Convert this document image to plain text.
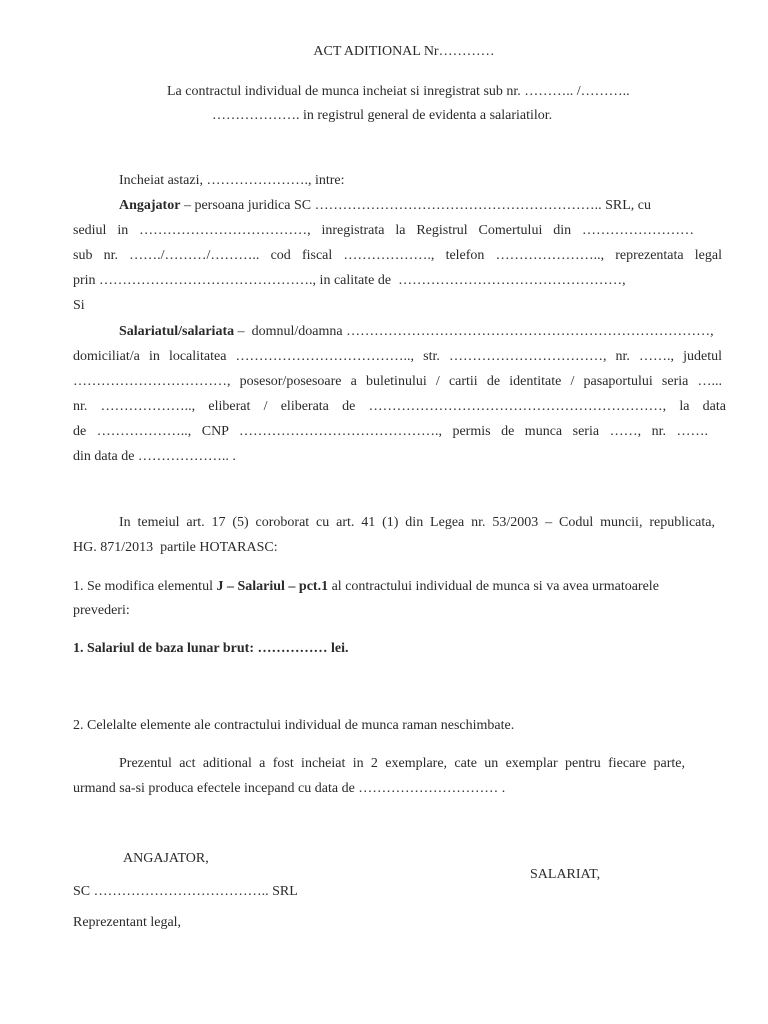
ACT ADITIONAL Nr…………
La contractul individual de munca incheiat si inregistrat sub nr. ……….. /………..
………………. in registrul general de evidenta a salariatilor.
Incheiat astazi, …………………., intre:
Angajator – persoana juridica SC …………………………………………………….. SRL, cu
sediul in ………………………………, inregistrata la Registrul Comertului din ……………………
sub nr. ……./………/……….. cod fiscal ………………., telefon ………………….., reprezentata legal
prin ………………………………………., in calitate de  …………………………………………,
Si
Salariatul/salariata –  domnul/doamna ……………………………………………………………………,
domiciliat/a in localitatea ……………………………….., str. ……………………………, nr. ……., judetul
……………………………, posesor/posesoare a buletinului / cartii de identitate / pasaportului seria …...
nr. ……………….., eliberat / eliberata de ………………………………………………………, la data
de ……………….., CNP ……………………………………., permis de munca seria ……, nr. …….
din data de ……………….. .
In temeiul art. 17 (5) coroborat cu art. 41 (1) din Legea nr. 53/2003 – Codul muncii, republicata,
HG. 871/2013  partile HOTARASC:
1. Se modifica elementul J – Salariul – pct.1 al contractului individual de munca si va avea urmatoarele
prevederi:
1. Salariul de baza lunar brut: …………… lei.
2. Celelalte elemente ale contractului individual de munca raman neschimbate.
Prezentul act aditional a fost incheiat in 2 exemplare, cate un exemplar pentru fiecare parte,
urmand sa-si produca efectele incepand cu data de ………………………… .
ANGAJATOR,
SALARIAT,
SC ……………………………….. SRL
Reprezentant legal,
